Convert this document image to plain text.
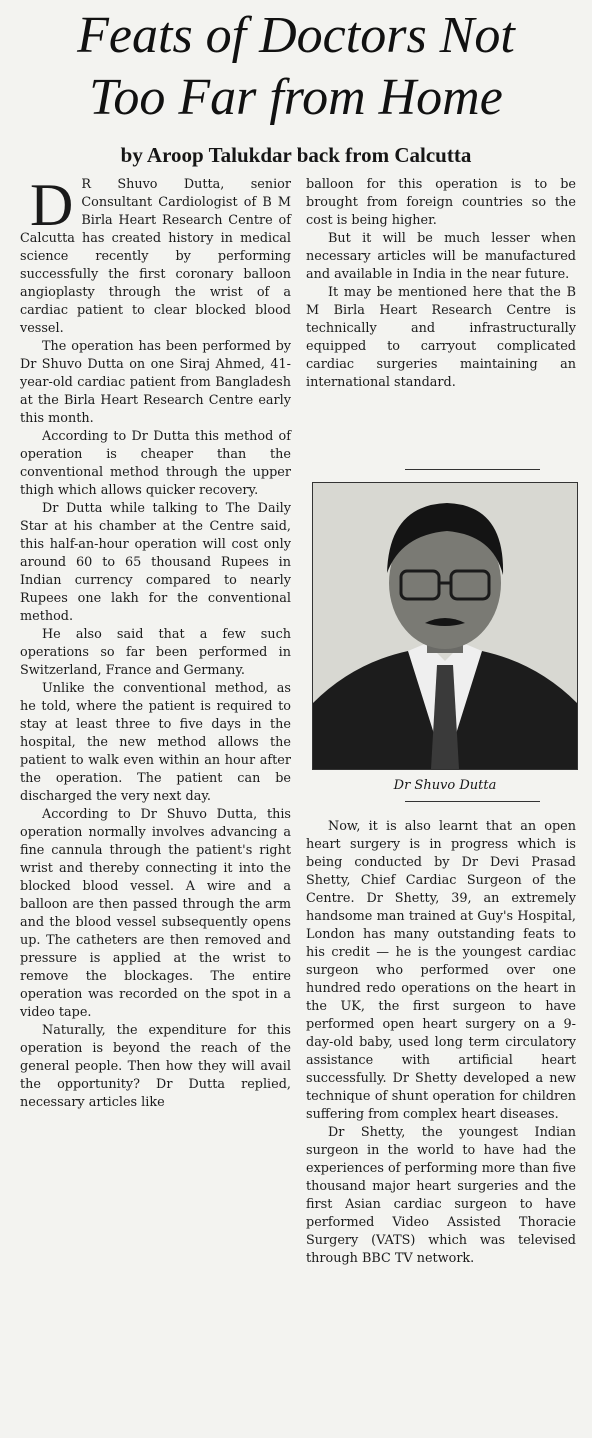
Feats of Doctors Not
Too Far from Home
by Aroop Talukdar back from Calcutta
D R Shuvo Dutta, senior Consultant Cardiologist of B M Birla Heart Research Centre of Calcutta has created history in medical science recently by performing successfully the first coronary balloon angioplasty through the wrist of a cardiac patient to clear blocked blood vessel.

The operation has been performed by Dr Shuvo Dutta on one Siraj Ahmed, 41-year-old cardiac patient from Bangladesh at the Birla Heart Research Centre early this month.

According to Dr Dutta this method of operation is cheaper than the conventional method through the upper thigh which allows quicker recovery.

Dr Dutta while talking to The Daily Star at his chamber at the Centre said, this half-an-hour operation will cost only around 60 to 65 thousand Rupees in Indian currency compared to nearly Rupees one lakh for the conventional method.

He also said that a few such operations so far been performed in Switzerland, France and Germany.

Unlike the conventional method, as he told, where the patient is required to stay at least three to five days in the hospital, the new method allows the patient to walk even within an hour after the operation. The patient can be discharged the very next day.

According to Dr Shuvo Dutta, this operation normally involves advancing a fine cannula through the patient's right wrist and thereby connecting it into the blocked blood vessel. A wire and a balloon are then passed through the arm and the blood vessel subsequently opens up. The catheters are then removed and pressure is applied at the wrist to remove the blockages. The entire operation was recorded on the spot in a video tape.

Naturally, the expenditure for this operation is beyond the reach of the general people. Then how they will avail the opportunity? Dr Dutta replied, necessary articles like

balloon for this operation is to be brought from foreign countries so the cost is being higher.

But it will be much lesser when necessary articles will be manufactured and available in India in the near future.

It may be mentioned here that the B M Birla Heart Research Centre is technically and infrastructurally equipped to carryout complicated cardiac surgeries maintaining an international standard.

Dr Shuvo Dutta

Now, it is also learnt that an open heart surgery is in progress which is being conducted by Dr Devi Prasad Shetty, Chief Cardiac Surgeon of the Centre. Dr Shetty, 39, an extremely handsome man trained at Guy's Hospital, London has many outstanding feats to his credit — he is the youngest cardiac surgeon who performed over one hundred redo operations on the heart in the UK, the first surgeon to have performed open heart surgery on a 9-day-old baby, used long term circulatory assistance with artificial heart successfully. Dr Shetty developed a new technique of shunt operation for children suffering from complex heart diseases.

Dr Shetty, the youngest Indian surgeon in the world to have had the experiences of performing more than five thousand major heart surgeries and the first Asian cardiac surgeon to have performed Video Assisted Thoracie Surgery (VATS) which was televised through BBC TV network.
